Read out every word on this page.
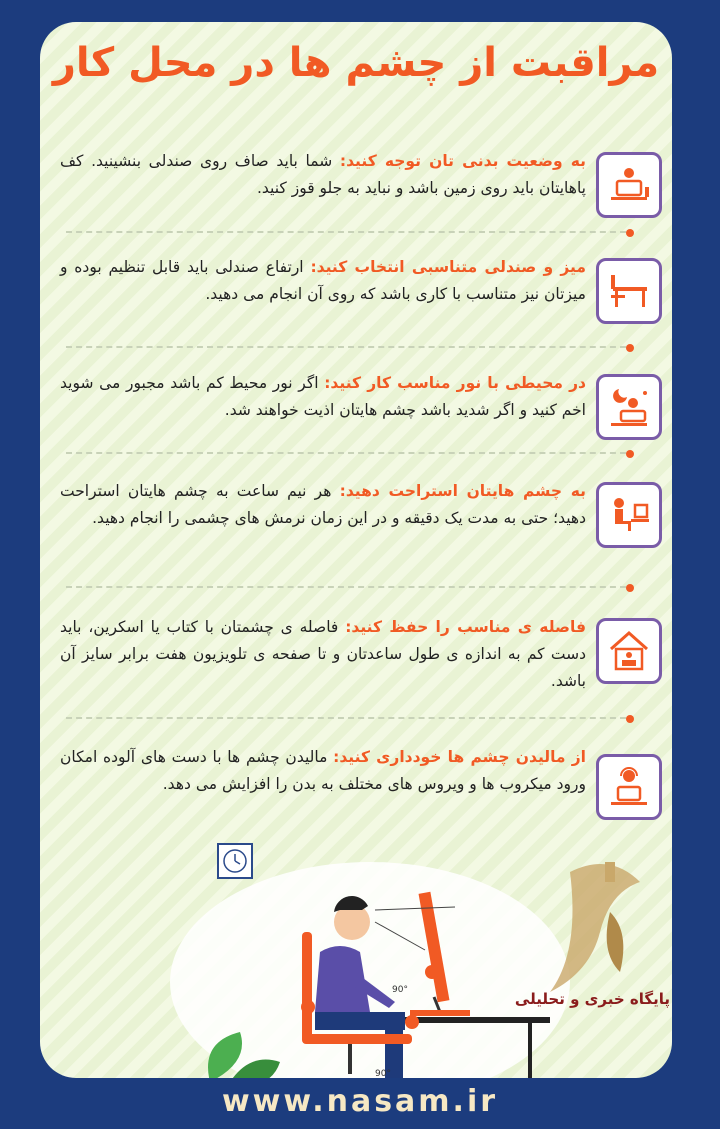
مراقبت از چشم ها در محل کار
به وضعیت بدنی تان توجه کنید: شما باید صاف روی صندلی بنشینید. کف پاهایتان باید روی زمین باشد و نباید به جلو قوز کنید.
میز و صندلی متناسبی انتخاب کنید: ارتفاع صندلی باید قابل تنظیم بوده و میزتان نیز متناسب با کاری باشد که روی آن انجام می دهید.
در محیطی با نور مناسب کار کنید: اگر نور محیط کم باشد مجبور می شوید اخم کنید و اگر شدید باشد چشم هایتان اذیت خواهند شد.
به چشم هایتان استراحت دهید: هر نیم ساعت به چشم هایتان استراحت دهید؛ حتی به مدت یک دقیقه و در این زمان نرمش های چشمی را انجام دهید.
فاصله ی مناسب را حفظ کنید: فاصله ی چشمتان با کتاب یا اسکرین، باید دست کم به اندازه ی طول ساعدتان و تا صفحه ی تلویزیون هفت برابر سایز آن باشد.
از مالیدن چشم ها خودداری کنید: مالیدن چشم ها با دست های آلوده امکان ورود میکروب ها و ویروس های مختلف به بدن را افزایش می دهد.
90°
90°
پایگاه خبری و تحلیلی
www.nasam.ir
